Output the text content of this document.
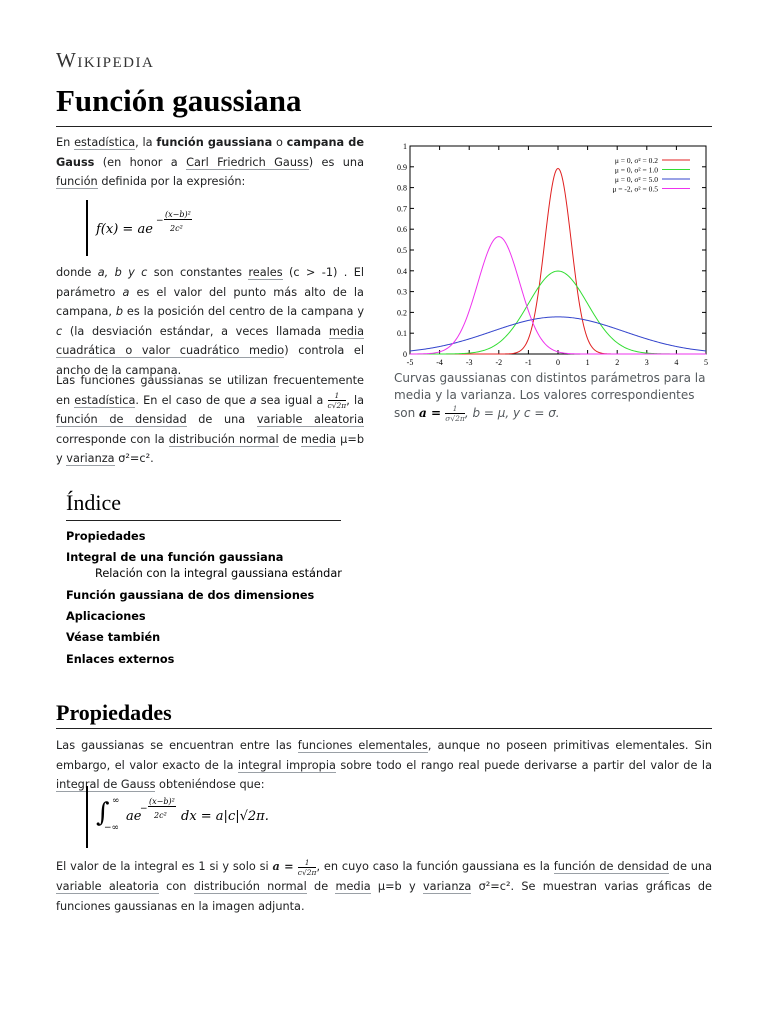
Wikipedia
Función gaussiana

En estadística, la función gaussiana o campana de Gauss (en honor a Carl Friedrich Gauss) es una función definida por la expresión:

f(x) = ae
−
(x−b)²
2c²

donde a, b y c son constantes reales (c > -1) . El parámetro a es el valor del punto más alto de la campana, b es la posición del centro de la campana y c (la desviación estándar, a veces llamada media cuadrática o valor cuadrático medio) controla el ancho de la campana.

Las funciones gaussianas se utilizan frecuentemente en estadística. En el caso de que a sea igual a $\frac{1}{c√2\pi}$ , la función de densidad de una variable aleatoria corresponde con la distribución normal de media μ=b y varianza σ²=c².

0
0.1
0.2
0.3
0.4
0.5
0.6
0.7
0.8
0.9
1
-5	-4	-3	-2	-1	0	1	2	3	4	5
μ = 0, σ² = 0.2
μ = 0, σ² = 1.0
μ = 0, σ² = 5.0
μ = -2, σ² = 0.5

Curvas gaussianas con distintos parámetros para la media y la varianza. Los valores correspondientes son $a = \frac{1}{\sigma√2\pi}$ , b = μ, y c = σ.

Índice
Propiedades
Integral de una función gaussiana
Relación con la integral gaussiana estándar
Función gaussiana de dos dimensiones
Aplicaciones
Véase también
Enlaces externos
Propiedades

Las gaussianas se encuentran entre las funciones elementales, aunque no poseen primitivas elementales. Sin embargo, el valor exacto de la integral impropia sobre todo el rango real puede derivarse a partir del valor de la integral de Gauss obteniéndose que:

∫ ∞
−∞
ae
−
(x−b)²
2c² dx = a|c|√2π.

El valor de la integral es 1 si y solo si $a = \frac{1}{c√2\pi}$ , en cuyo caso la función gaussiana es la función de densidad de una variable aleatoria con distribución normal de media μ=b y varianza σ²=c². Se muestran varias gráficas de funciones gaussianas en la imagen adjunta.
